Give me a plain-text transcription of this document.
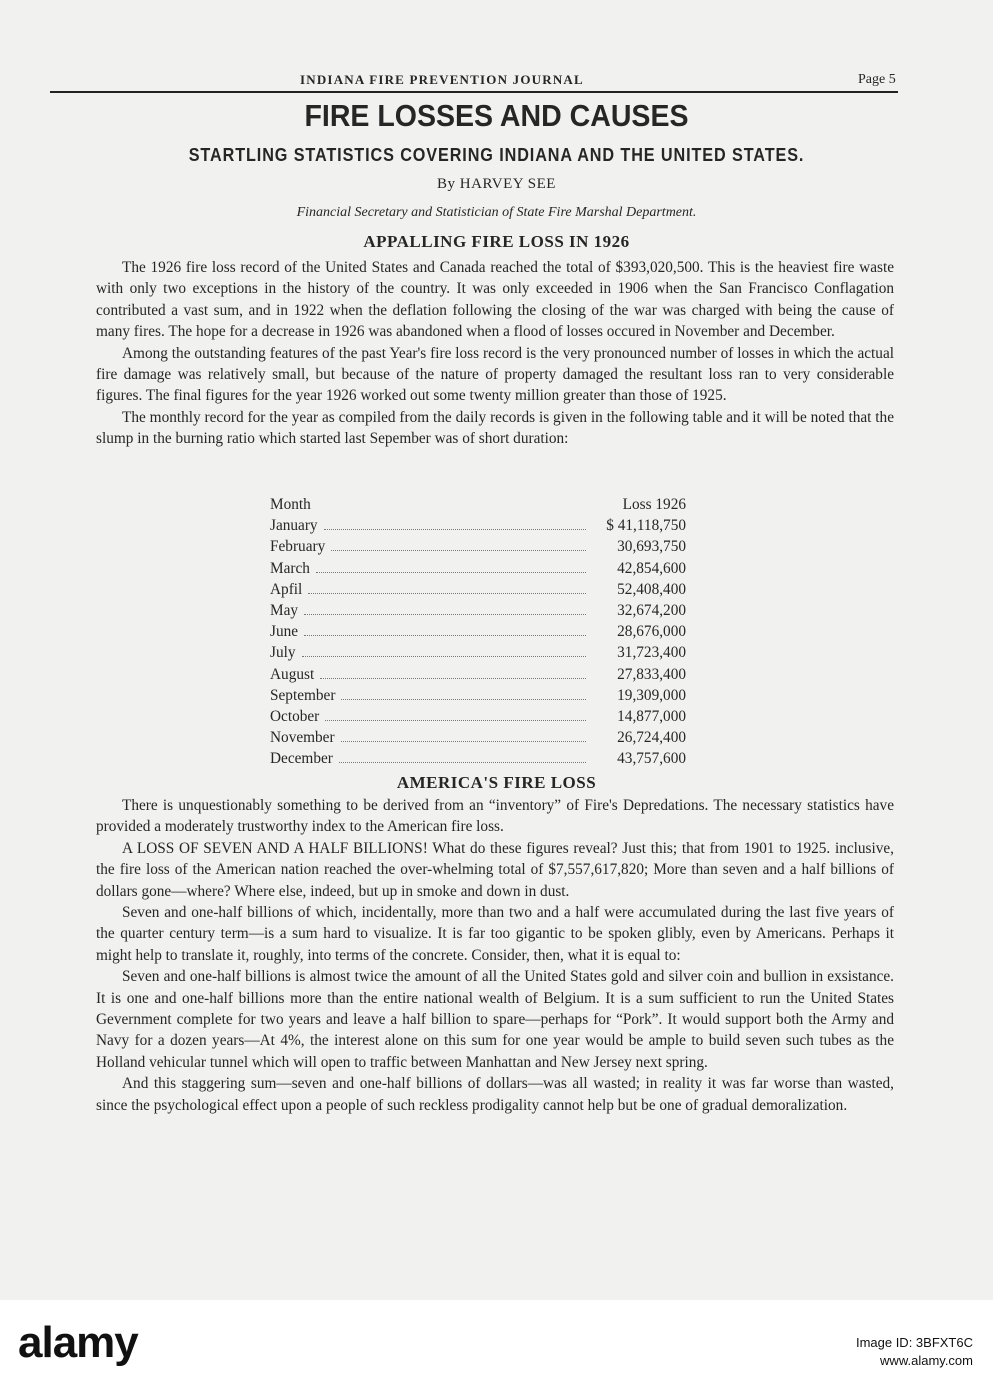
INDIANA FIRE PREVENTION JOURNAL	Page 5
FIRE LOSSES AND CAUSES
STARTLING STATISTICS COVERING INDIANA AND THE UNITED STATES.
By HARVEY SEE
Financial Secretary and Statistician of State Fire Marshal Department.
APPALLING FIRE LOSS IN 1926

The 1926 fire loss record of the United States and Canada reached the total of $393,020,500. This is the heaviest fire waste with only two exceptions in the history of the country. It was only exceeded in 1906 when the San Francisco Conflagation contributed a vast sum, and in 1922 when the deflation following the closing of the war was charged with being the cause of many fires. The hope for a decrease in 1926 was abandoned when a flood of losses occured in November and December.

Among the outstanding features of the past Year's fire loss record is the very pronounced number of losses in which the actual fire damage was relatively small, but because of the nature of property damaged the resultant loss ran to very considerable figures. The final figures for the year 1926 worked out some twenty million greater than those of 1925.

The monthly record for the year as compiled from the daily records is given in the following table and it will be noted that the slump in the burning ratio which started last Sepember was of short duration:

Month	Loss 1926
January	$ 41,118,750
February	30,693,750
March	42,854,600
Apfil	52,408,400
May	32,674,200
June	28,676,000
July	31,723,400
August	27,833,400
September	19,309,000
October	14,877,000
November	26,724,400
December	43,757,600
AMERICA'S FIRE LOSS

There is unquestionably something to be derived from an “inventory” of Fire's Depredations. The necessary statistics have provided a moderately trustworthy index to the American fire loss.

A LOSS OF SEVEN AND A HALF BILLIONS! What do these figures reveal? Just this; that from 1901 to 1925. inclusive, the fire loss of the American nation reached the over-whelming total of $7,557,617,820; More than seven and a half billions of dollars gone—where? Where else, indeed, but up in smoke and down in dust.

Seven and one-half billions of which, incidentally, more than two and a half were accumulated during the last five years of the quarter century term—is a sum hard to visualize. It is far too gigantic to be spoken glibly, even by Americans. Perhaps it might help to translate it, roughly, into terms of the concrete. Consider, then, what it is equal to:

Seven and one-half billions is almost twice the amount of all the United States gold and silver coin and bullion in exsistance. It is one and one-half billions more than the entire national wealth of Belgium. It is a sum sufficient to run the United States Gevernment complete for two years and leave a half billion to spare—perhaps for “Pork”. It would support both the Army and Navy for a dozen years—At 4%, the interest alone on this sum for one year would be ample to build seven such tubes as the Holland vehicular tunnel which will open to traffic between Manhattan and New Jersey next spring.

And this staggering sum—seven and one-half billions of dollars—was all wasted; in reality it was far worse than wasted, since the psychological effect upon a people of such reckless prodigality cannot help but be one of gradual demoralization.

alamy	Image ID: 3BFXT6C
www.alamy.com
